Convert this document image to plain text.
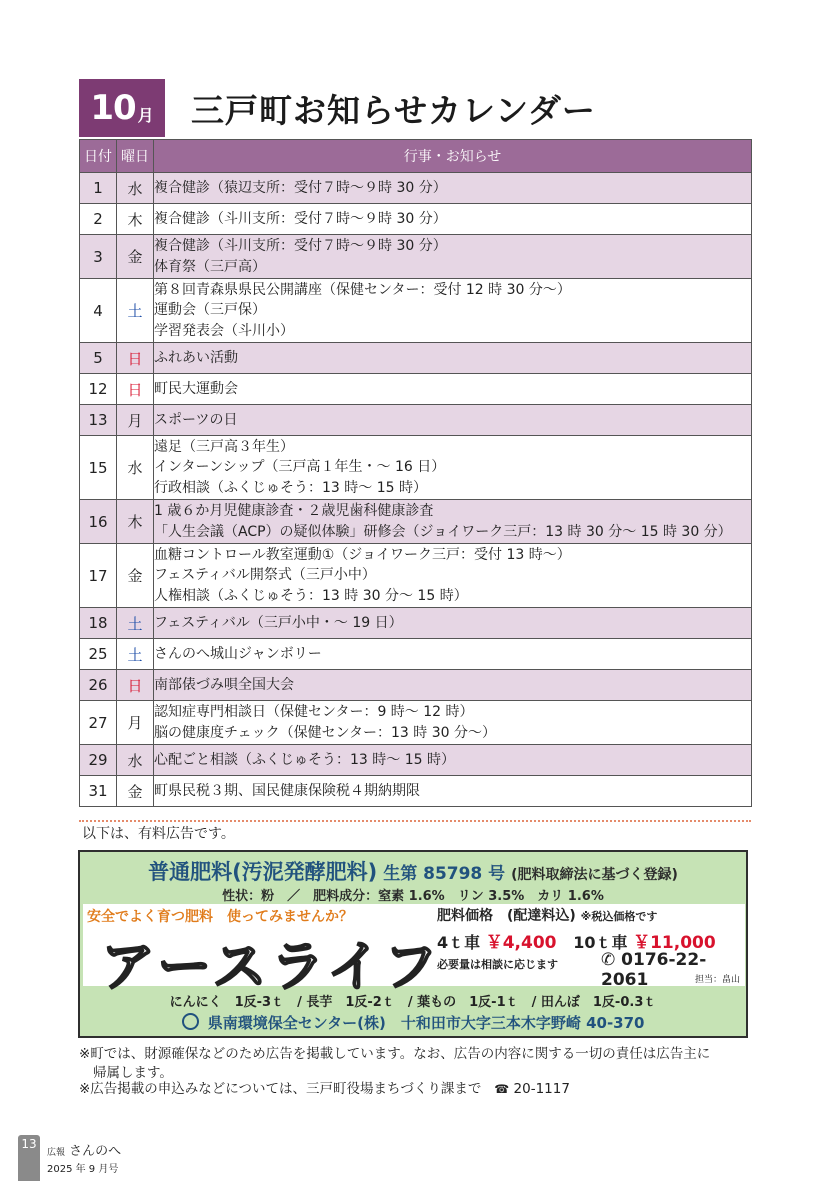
10 月 三戸町お知らせカレンダー
日付	曜日	行事・お知らせ
1	水	複合健診（猿辺支所：受付７時～９時 30 分）

2	木	複合健診（斗川支所：受付７時～９時 30 分）

3	金	複合健診（斗川支所：受付７時～９時 30 分）
体育祭（三戸高）

4	土	第８回青森県県民公開講座（保健センター：受付 12 時 30 分～）
運動会（三戸保）
学習発表会（斗川小）

5	日	ふれあい活動

12	日	町民大運動会

13	月	スポーツの日

15	水	遠足（三戸高３年生）
インターンシップ（三戸高１年生・～ 16 日）
行政相談（ふくじゅそう：13 時～ 15 時）

16	木	1 歳６か月児健康診査・２歳児歯科健康診査
「人生会議（ACP）の疑似体験」研修会（ジョイワーク三戸：13 時 30 分～ 15 時 30 分）

17	金	血糖コントロール教室運動①（ジョイワーク三戸：受付 13 時～）
フェスティバル開祭式（三戸小中）
人権相談（ふくじゅそう：13 時 30 分～ 15 時）

18	土	フェスティバル（三戸小中・～ 19 日）

25	土	さんのへ城山ジャンボリー

26	日	南部俵づみ唄全国大会

27	月	認知症専門相談日（保健センター：9 時～ 12 時）
脳の健康度チェック（保健センター：13 時 30 分～）

29	水	心配ごと相談（ふくじゅそう：13 時～ 15 時）

31	金	町県民税３期、国民健康保険税４期納期限
以下は、有料広告です。
普通肥料(汚泥発酵肥料) 生第 85798 号 (肥料取締法に基づく登録)
性状：粉　／　肥料成分：窒素 1.6%　リン 3.5%　カリ 1.6%
安全でよく育つ肥料　使ってみませんか？
アースライフ
肥料価格　(配達料込) ※税込価格です
4ｔ車 ￥4,400 10ｔ車 ￥11,000
必要量は相談に応じます	✆ 0176-22-2061	担当：畠山
にんにく　1反-3ｔ　/ 長芋　1反-2ｔ　/ 葉もの　1反-1ｔ　/ 田んぼ　1反-0.3ｔ
県南環境保全センター(株)　十和田市大字三本木字野崎 40-370
※町では、財源確保などのため広告を掲載しています。なお、広告の内容に関する一切の責任は広告主に
帰属します。
※広告掲載の申込みなどについては、三戸町役場まちづくり課まで ☎ 20-1117
13
広報 さんのへ
2025 年 9 月号
